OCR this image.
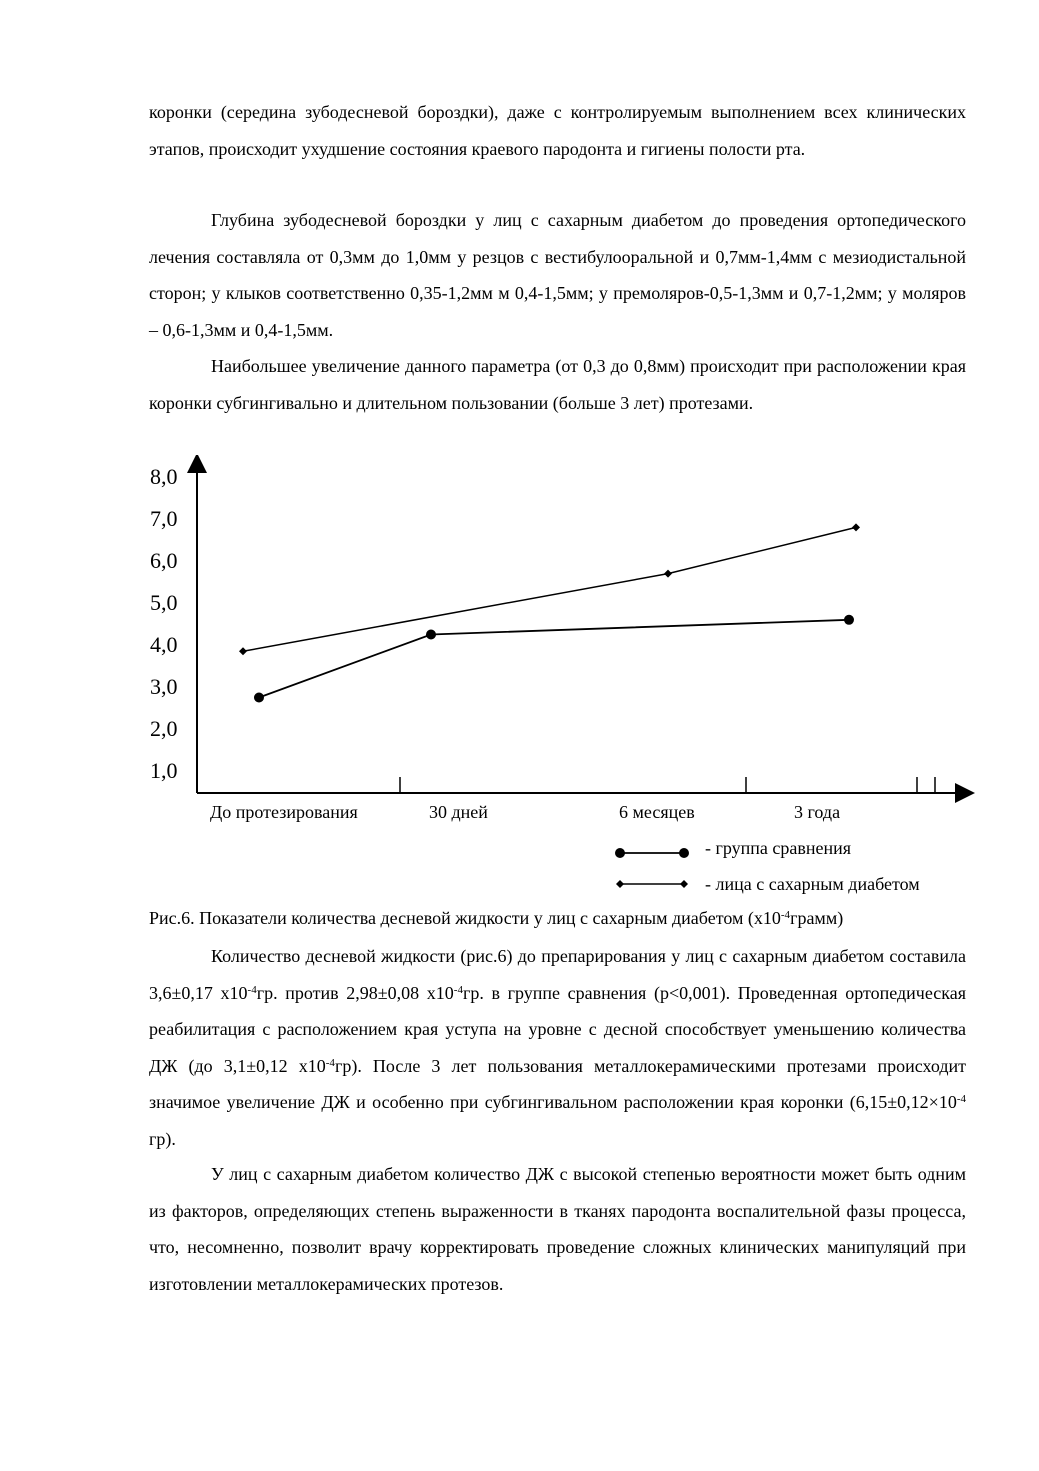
коронки (середина зубодесневой бороздки), даже с контролируемым выполнением всех клинических этапов, происходит ухудшение состояния краевого пародонта и гигиены полости рта.

Глубина зубодесневой бороздки у лиц с сахарным диабетом до проведения ортопедического лечения составляла от 0,3мм до 1,0мм у резцов с вестибулооральной и 0,7мм-1,4мм с мезиодистальной сторон; у клыков соответственно 0,35-1,2мм м 0,4-1,5мм; у премоляров-0,5-1,3мм и 0,7-1,2мм; у моляров – 0,6-1,3мм и 0,4-1,5мм.

Наибольшее увеличение данного параметра (от 0,3 до 0,8мм) происходит при расположении края коронки субгингивально и длительном пользовании (больше 3 лет) протезами.

1,0
2,0
3,0
4,0
5,0
6,0
7,0
8,0
До протезирования	30 дней	6 месяцев	3 года
- группа сравнения
- лица с сахарным диабетом
Рис.6. Показатели количества десневой жидкости у лиц с сахарным диабетом $(х10^{-4}грамм)$

Количество десневой жидкости (рис.6) до препарирования у лиц с сахарным диабетом составила 3,6±0,17 $х10^{-4}гр$. против 2,98±0,08 $х10^{-4}гр$. в группе сравнения (p<0,001). Проведенная ортопедическая реабилитация с расположением края уступа на уровне с десной способствует уменьшению количества ДЖ (до 3,1±0,12 $х10^{-4}гр$). После 3 лет пользования металлокерамическими протезами происходит значимое увеличение ДЖ и особенно при субгингивальном расположении края коронки ($6,15\pm 0,12\times 10^{-4}$ гр).

У лиц с сахарным диабетом количество ДЖ с высокой степенью вероятности может быть одним из факторов, определяющих степень выраженности в тканях пародонта воспалительной фазы процесса, что, несомненно, позволит врачу корректировать проведение сложных клинических манипуляций при изготовлении металлокерамических протезов.
